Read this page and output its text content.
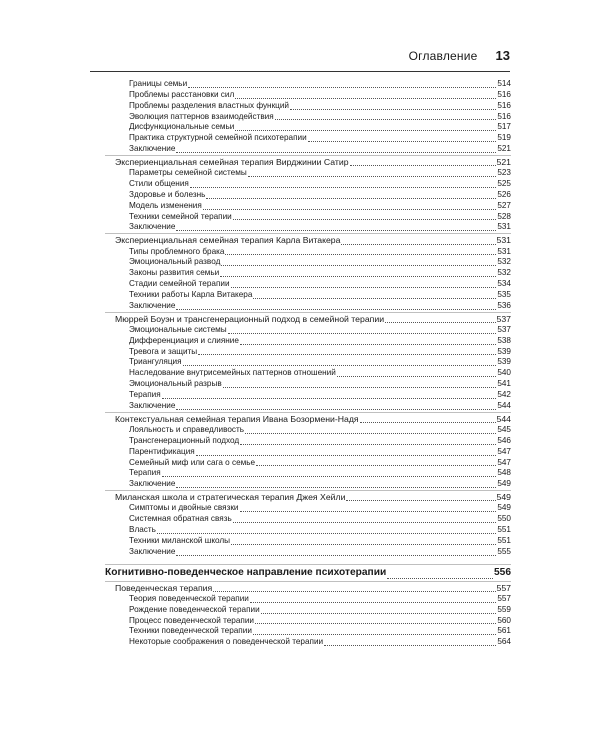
Оглавление 13
Границы семьи	514
Проблемы расстановки сил	516
Проблемы разделения властных функций	516
Эволюция паттернов взаимодействия	516
Дисфункциональные семьи	517
Практика структурной семейной психотерапии	519
Заключение	521
Экспериенциальная семейная терапия Вирджинии Сатир	521
Параметры семейной системы	523
Стили общения	525
Здоровье и болезнь	526
Модель изменения	527
Техники семейной терапии	528
Заключение	531
Экспериенциальная семейная терапия Карла Витакера	531
Типы проблемного брака	531
Эмоциональный развод	532
Законы развития семьи	532
Стадии семейной терапии	534
Техники работы Карла Витакера	535
Заключение	536
Мюррей Боуэн и трансгенерационный подход в семейной терапии	537
Эмоциональные системы	537
Дифференциация и слияние	538
Тревога и защиты	539
Триангуляция	539
Наследование внутрисемейных паттернов отношений	540
Эмоциональный разрыв	541
Терапия	542
Заключение	544
Контекстуальная семейная терапия Ивана Бозормени-Надя	544
Лояльность и справедливость	545
Трансгенерационный подход	546
Парентификация	547
Семейный миф или сага о семье	547
Терапия	548
Заключение	549
Миланская школа и стратегическая терапия Джея Хейли	549
Симптомы и двойные связки	549
Системная обратная связь	550
Власть	551
Техники миланской школы	551
Заключение	555
Когнитивно-поведенческое направление психотерапии	556
Поведенческая терапия	557
Теория поведенческой терапии	557
Рождение поведенческой терапии	559
Процесс поведенческой терапии	560
Техники поведенческой терапии	561
Некоторые соображения о поведенческой терапии	564
